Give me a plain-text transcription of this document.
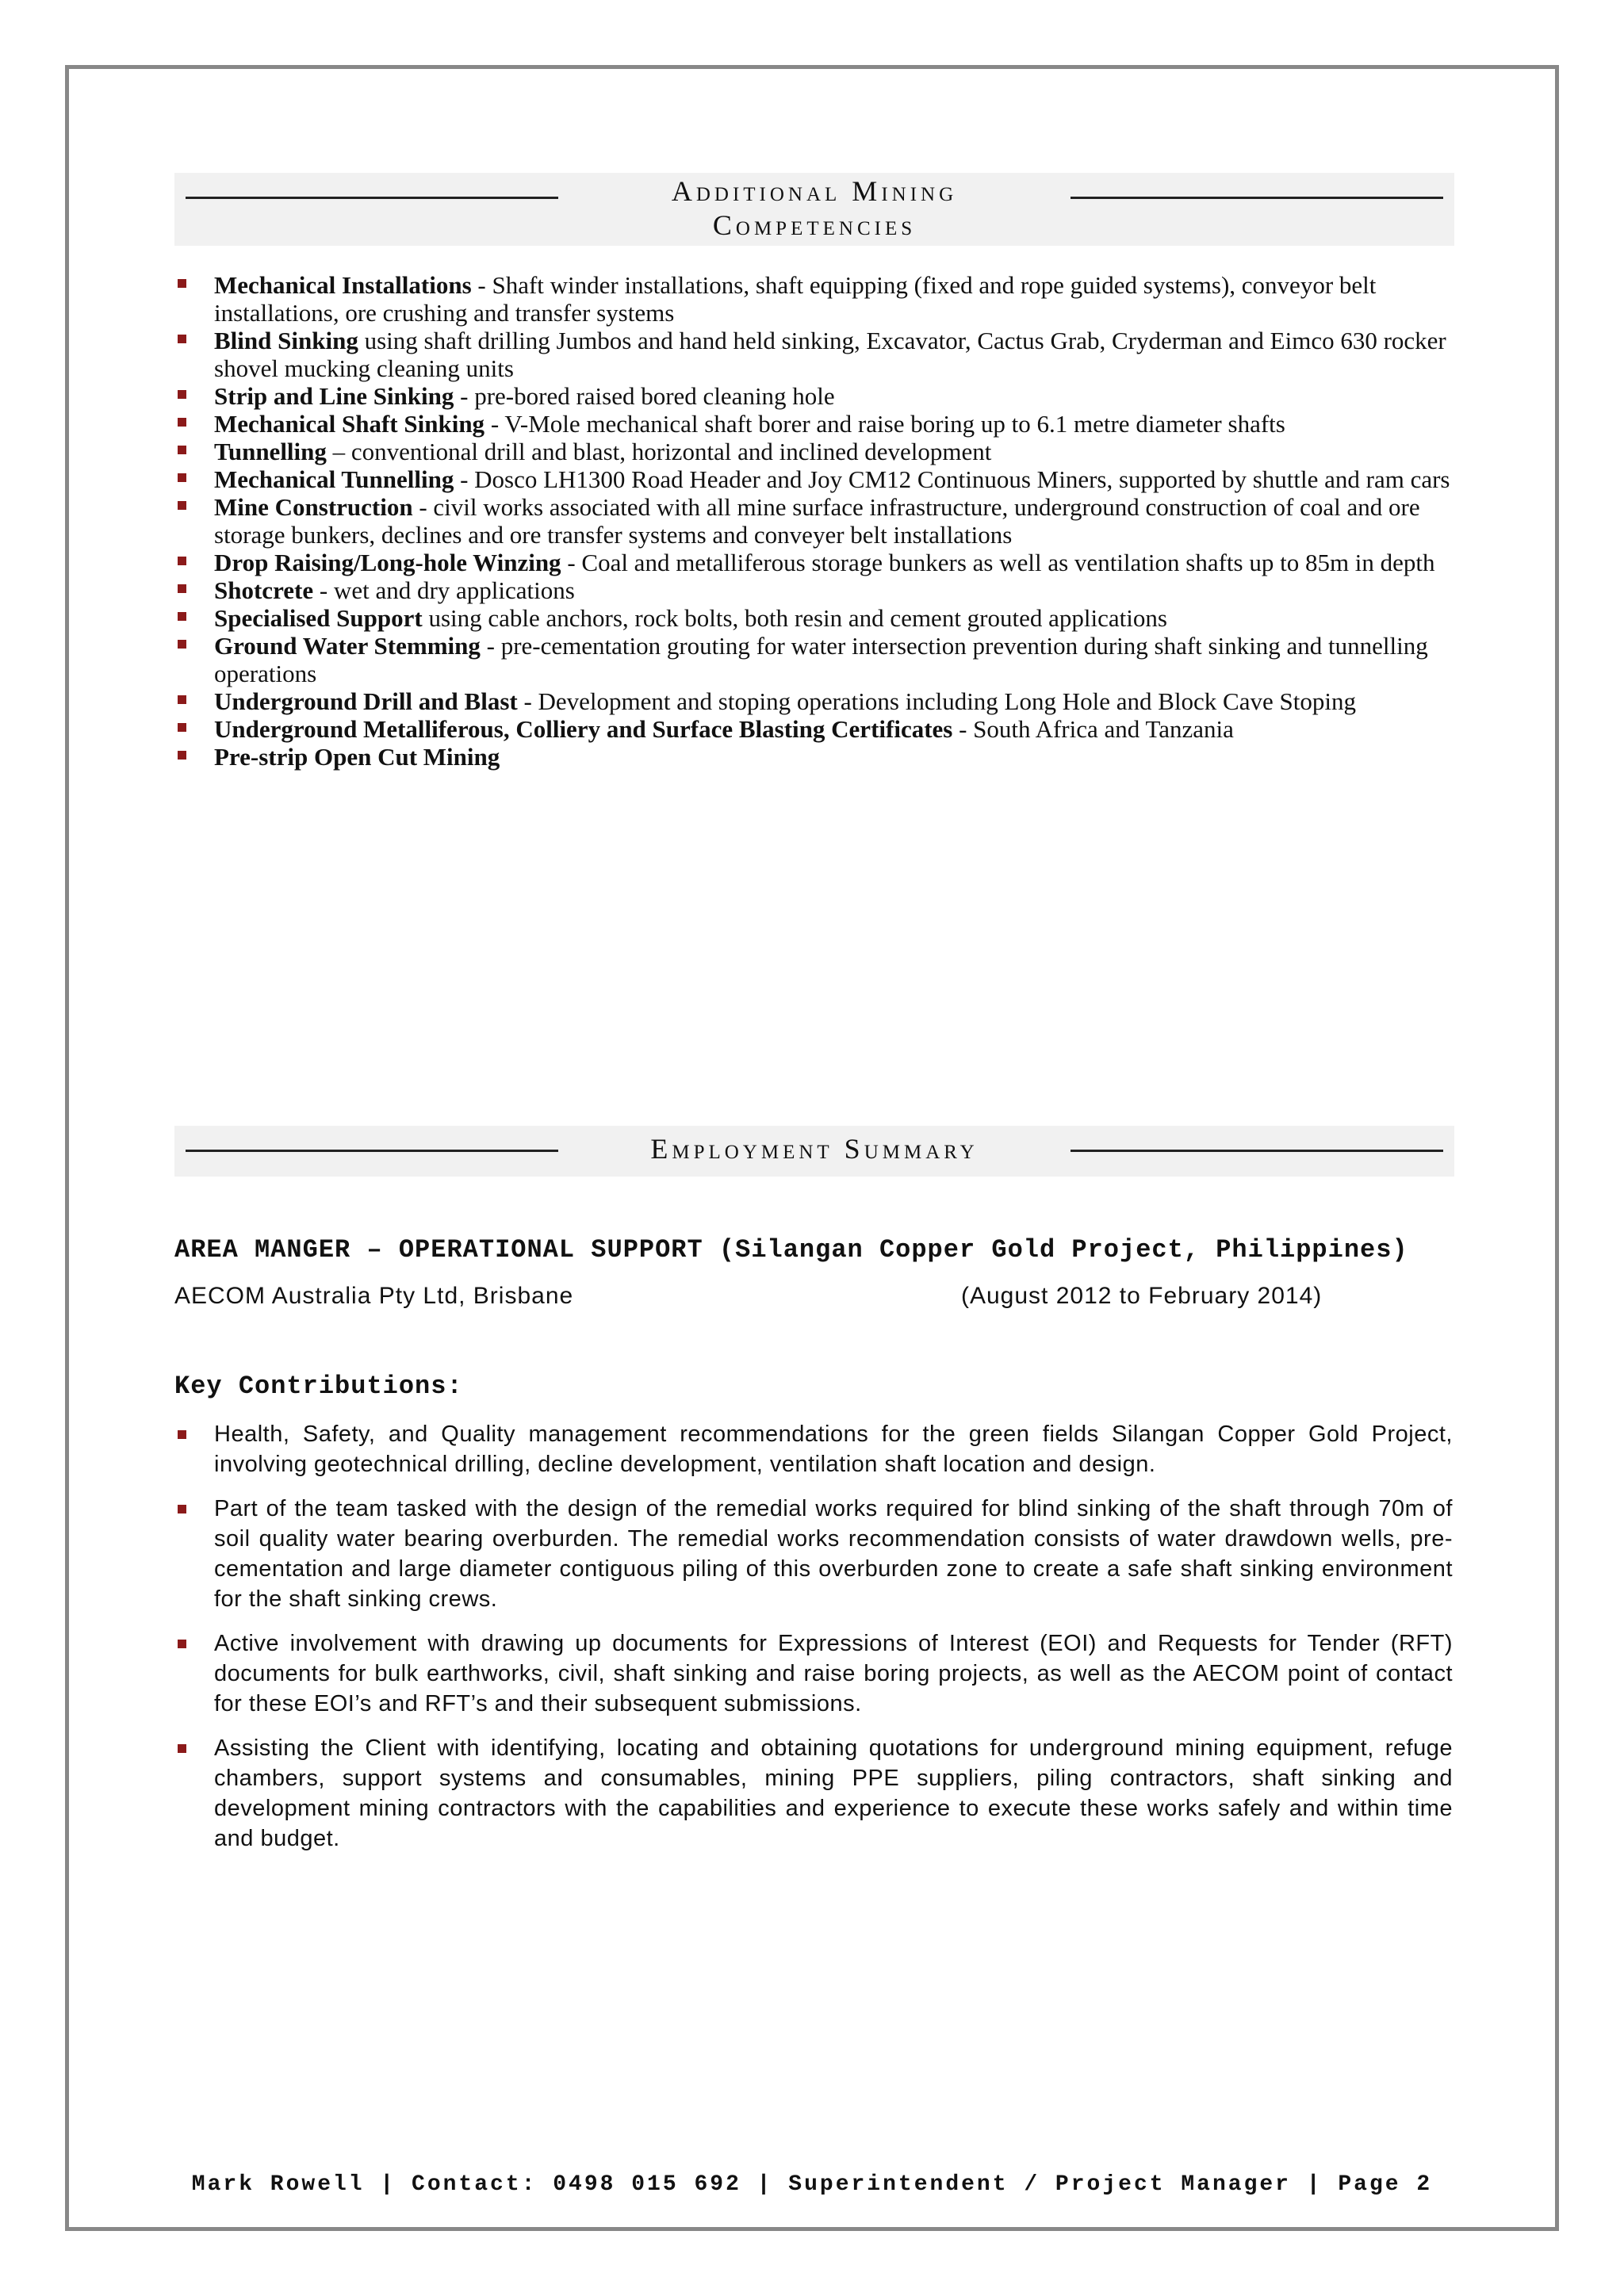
Additional Mining
Competencies
Mechanical Installations - Shaft winder installations, shaft equipping (fixed and rope guided systems), conveyor belt installations, ore crushing and transfer systems
Blind Sinking using shaft drilling Jumbos and hand held sinking, Excavator, Cactus Grab, Cryderman and Eimco 630 rocker shovel mucking cleaning units
Strip and Line Sinking - pre-bored raised bored cleaning hole
Mechanical Shaft Sinking - V-Mole mechanical shaft borer and raise boring up to 6.1 metre diameter shafts
Tunnelling – conventional drill and blast, horizontal and inclined development
Mechanical Tunnelling - Dosco LH1300 Road Header and Joy CM12 Continuous Miners, supported by shuttle and ram cars
Mine Construction - civil works associated with all mine surface infrastructure, underground construction of coal and ore storage bunkers, declines and ore transfer systems and conveyer belt installations
Drop Raising/Long-hole Winzing - Coal and metalliferous storage bunkers as well as ventilation shafts up to 85m in depth
Shotcrete - wet and dry applications
Specialised Support using cable anchors, rock bolts, both resin and cement grouted applications
Ground Water Stemming - pre-cementation grouting for water intersection prevention during shaft sinking and tunnelling operations
Underground Drill and Blast - Development and stoping operations including Long Hole and Block Cave Stoping
Underground Metalliferous, Colliery and Surface Blasting Certificates - South Africa and Tanzania
Pre-strip Open Cut Mining
Employment Summary
AREA MANGER – OPERATIONAL SUPPORT (Silangan Copper Gold Project, Philippines)
AECOM Australia Pty Ltd, Brisbane	(August 2012 to February 2014)
Key Contributions:
Health, Safety, and Quality management recommendations for the green fields Silangan Copper Gold Project, involving geotechnical drilling, decline development, ventilation shaft location and design.
Part of the team tasked with the design of the remedial works required for blind sinking of the shaft through 70m of soil quality water bearing overburden. The remedial works recommendation consists of water drawdown wells, pre-cementation and large diameter contiguous piling of this overburden zone to create a safe shaft sinking environment for the shaft sinking crews.
Active involvement with drawing up documents for Expressions of Interest (EOI) and Requests for Tender (RFT) documents for bulk earthworks, civil, shaft sinking and raise boring projects, as well as the AECOM point of contact for these EOI’s and RFT’s and their subsequent submissions.
Assisting the Client with identifying, locating and obtaining quotations for underground mining equipment, refuge chambers, support systems and consumables, mining PPE suppliers, piling contractors, shaft sinking and development mining contractors with the capabilities and experience to execute these works safely and within time and budget.
Mark Rowell | Contact: 0498 015 692 | Superintendent / Project Manager | Page 2
